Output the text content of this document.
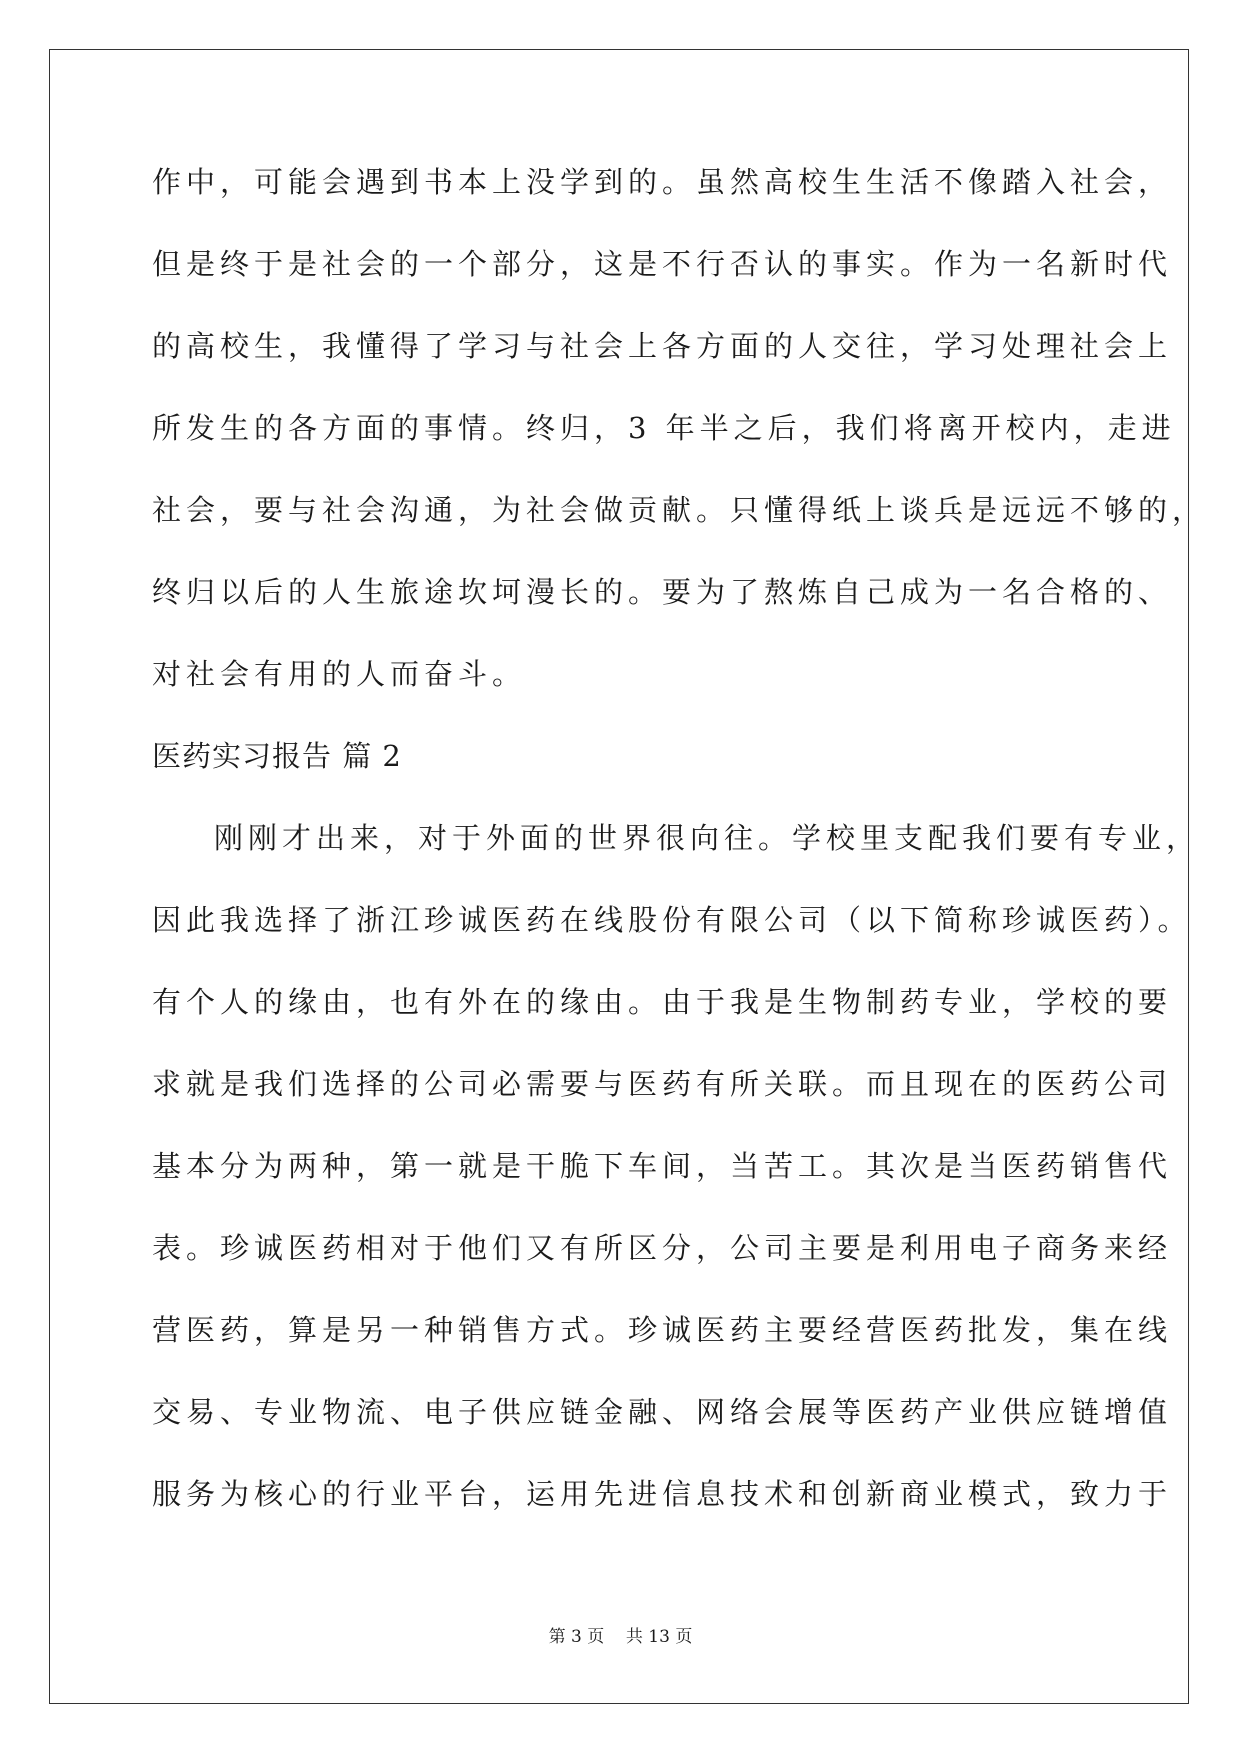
作中，可能会遇到书本上没学到的。虽然高校生生活不像踏入社会，
但是终于是社会的一个部分，这是不行否认的事实。作为一名新时代
的高校生，我懂得了学习与社会上各方面的人交往，学习处理社会上
所发生的各方面的事情。终归，3 年半之后，我们将离开校内，走进
社会，要与社会沟通，为社会做贡献。只懂得纸上谈兵是远远不够的，
终归以后的人生旅途坎坷漫长的。要为了熬炼自己成为一名合格的、
对社会有用的人而奋斗。
医药实习报告 篇 2
刚刚才出来，对于外面的世界很向往。学校里支配我们要有专业，
因此我选择了浙江珍诚医药在线股份有限公司（以下简称珍诚医药）。
有个人的缘由，也有外在的缘由。由于我是生物制药专业，学校的要
求就是我们选择的公司必需要与医药有所关联。而且现在的医药公司
基本分为两种，第一就是干脆下车间，当苦工。其次是当医药销售代
表。珍诚医药相对于他们又有所区分，公司主要是利用电子商务来经
营医药，算是另一种销售方式。珍诚医药主要经营医药批发，集在线
交易、专业物流、电子供应链金融、网络会展等医药产业供应链增值
服务为核心的行业平台，运用先进信息技术和创新商业模式，致力于
第 3 页    共 13 页
